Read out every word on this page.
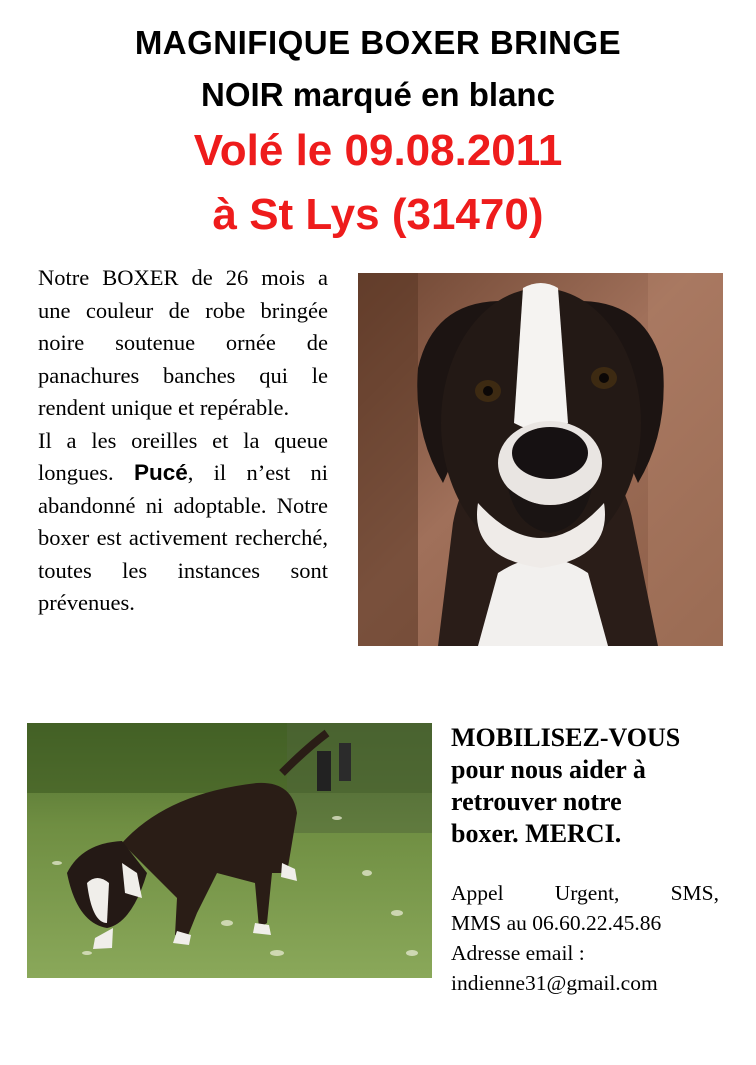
MAGNIFIQUE BOXER BRINGE
NOIR marqué en blanc
Volé le 09.08.2011
à St Lys (31470)

Notre BOXER de 26 mois a une couleur de robe bringée noire soutenue ornée de panachures banches qui le rendent unique et repérable.

Il a les oreilles et la queue longues. Pucé, il n’est ni abandonné ni adoptable. Notre boxer est activement recherché, toutes les instances sont prévenues.

MOBILISEZ-VOUS
pour nous aider à
retrouver notre
boxer. MERCI.
Appel Urgent, SMS,
MMS au 06.60.22.45.86
Adresse email :
indienne31@gmail.com
